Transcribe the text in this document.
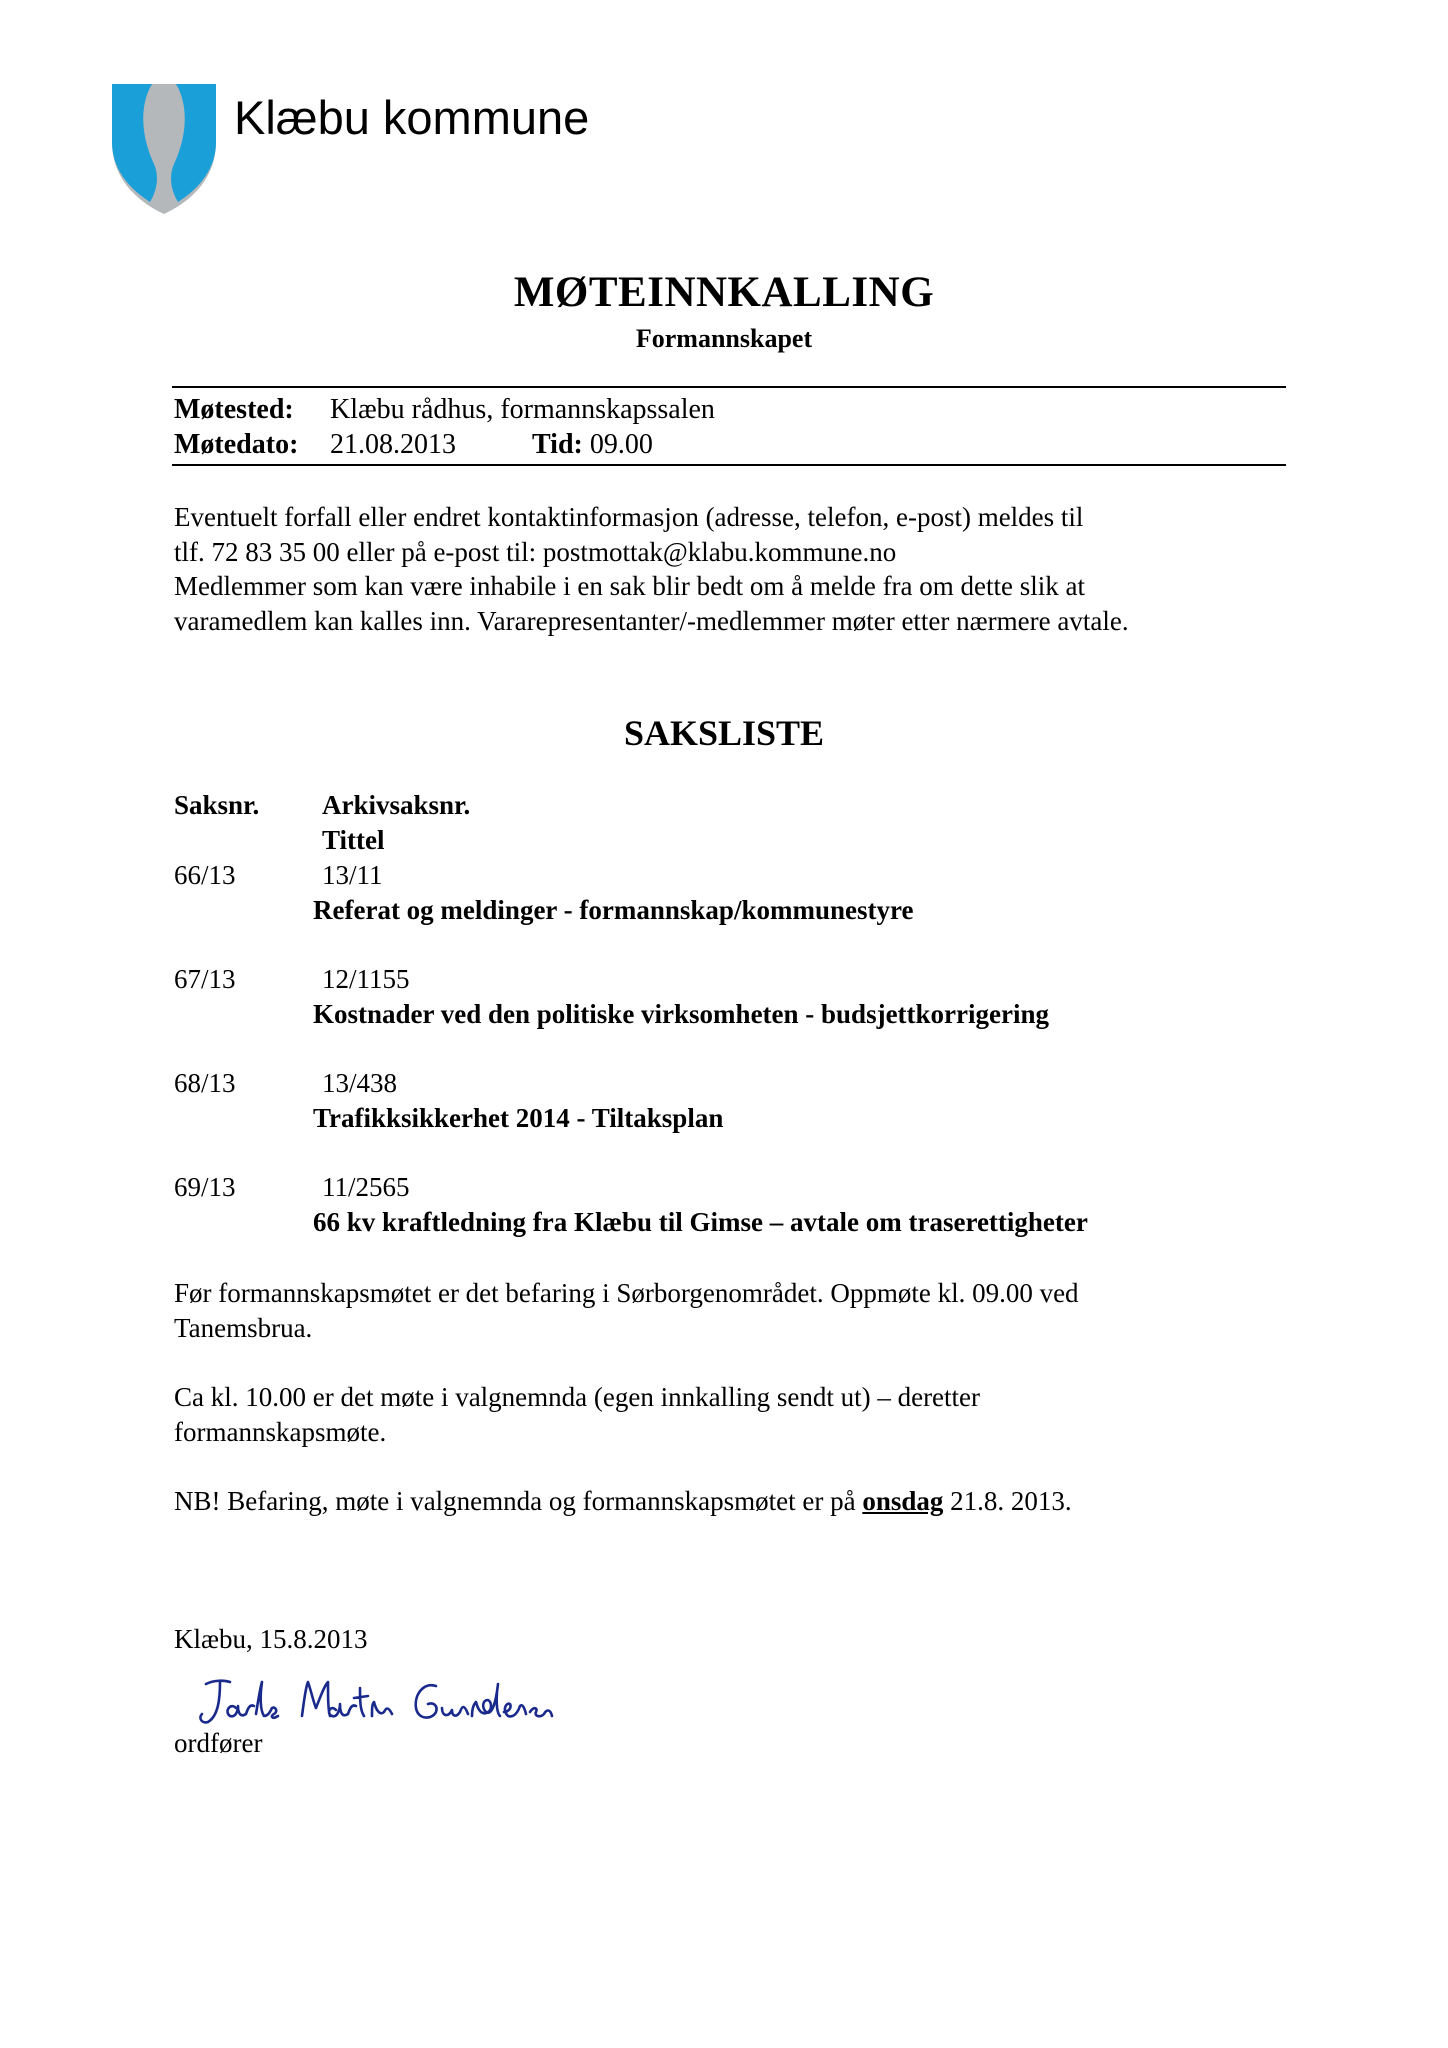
Klæbu kommune
MØTEINNKALLING
Formannskapet
Møtested: Klæbu rådhus, formannskapssalen
Møtedato: 21.08.2013	Tid: 09.00
Eventuelt forfall eller endret kontaktinformasjon (adresse, telefon, e-post) meldes til
tlf. 72 83 35 00 eller på e-post til: postmottak@klabu.kommune.no
Medlemmer som kan være inhabile i en sak blir bedt om å melde fra om dette slik at
varamedlem kan kalles inn. Vararepresentanter/-medlemmer møter etter nærmere avtale.
SAKSLISTE
Saksnr. Arkivsaksnr.
Tittel
66/13	13/11
Referat og meldinger - formannskap/kommunestyre
67/13	12/1155
Kostnader ved den politiske virksomheten - budsjettkorrigering
68/13	13/438
Trafikksikkerhet 2014 - Tiltaksplan
69/13	11/2565
66 kv kraftledning fra Klæbu til Gimse – avtale om traserettigheter
Før formannskapsmøtet er det befaring i Sørborgenområdet. Oppmøte kl. 09.00 ved
Tanemsbrua.
Ca kl. 10.00 er det møte i valgnemnda (egen innkalling sendt ut) – deretter
formannskapsmøte.
NB! Befaring, møte i valgnemnda og formannskapsmøtet er på onsdag 21.8. 2013.
Klæbu, 15.8.2013
ordfører
